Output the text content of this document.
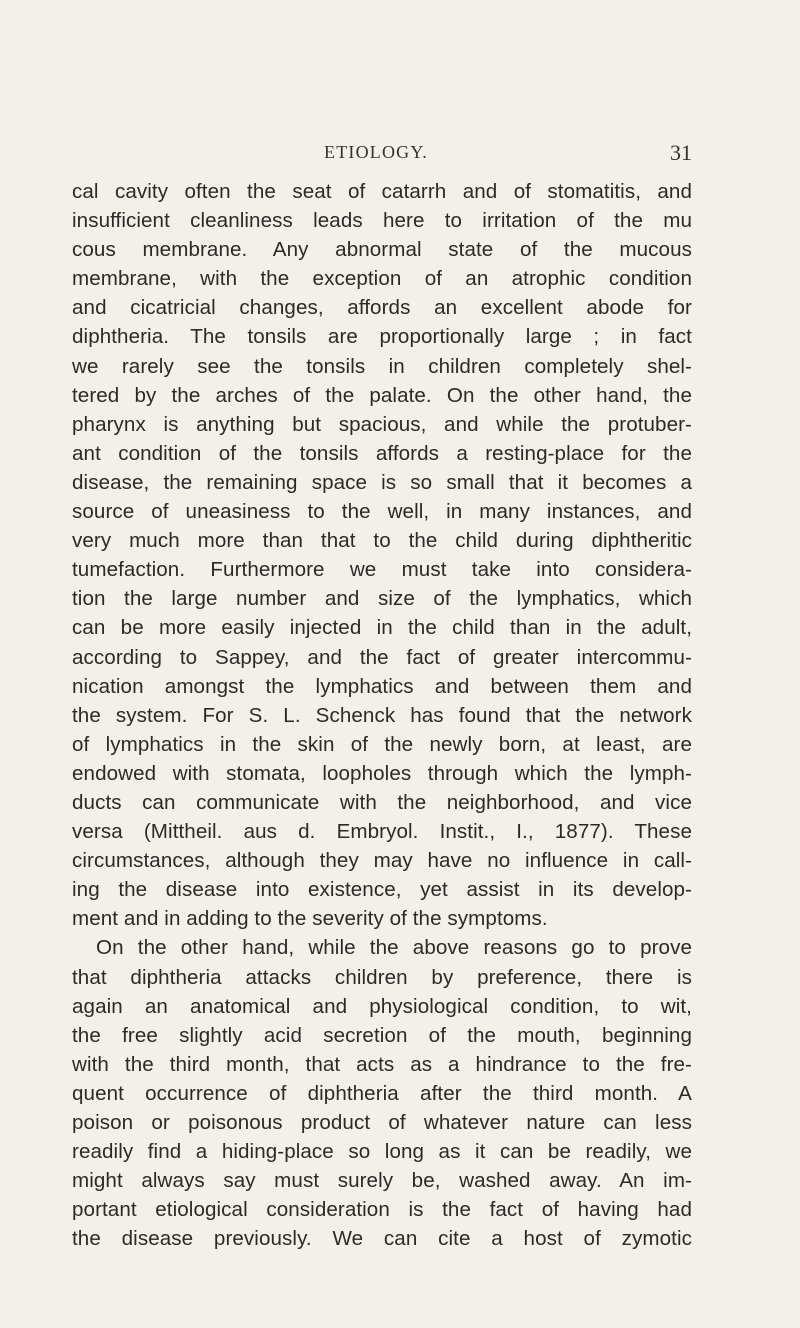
ETIOLOGY.	31
cal cavity often the seat of catarrh and of stomatitis, and
insufficient cleanliness leads here to irritation of the mu
cous membrane. Any abnormal state of the mucous
membrane, with the exception of an atrophic condition
and cicatricial changes, affords an excellent abode for
diphtheria. The tonsils are proportionally large ; in fact
we rarely see the tonsils in children completely shel-
tered by the arches of the palate. On the other hand, the
pharynx is anything but spacious, and while the protuber-
ant condition of the tonsils affords a resting-place for the
disease, the remaining space is so small that it becomes a
source of uneasiness to the well, in many instances, and
very much more than that to the child during diphtheritic
tumefaction. Furthermore we must take into considera-
tion the large number and size of the lymphatics, which
can be more easily injected in the child than in the adult,
according to Sappey, and the fact of greater intercommu-
nication amongst the lymphatics and between them and
the system. For S. L. Schenck has found that the network
of lymphatics in the skin of the newly born, at least, are
endowed with stomata, loopholes through which the lymph-
ducts can communicate with the neighborhood, and vice
versa (Mittheil. aus d. Embryol. Instit., I., 1877). These
circumstances, although they may have no influence in call-
ing the disease into existence, yet assist in its develop-
ment and in adding to the severity of the symptoms.
On the other hand, while the above reasons go to prove
that diphtheria attacks children by preference, there is
again an anatomical and physiological condition, to wit,
the free slightly acid secretion of the mouth, beginning
with the third month, that acts as a hindrance to the fre-
quent occurrence of diphtheria after the third month. A
poison or poisonous product of whatever nature can less
readily find a hiding-place so long as it can be readily, we
might always say must surely be, washed away. An im-
portant etiological consideration is the fact of having had
the disease previously. We can cite a host of zymotic
